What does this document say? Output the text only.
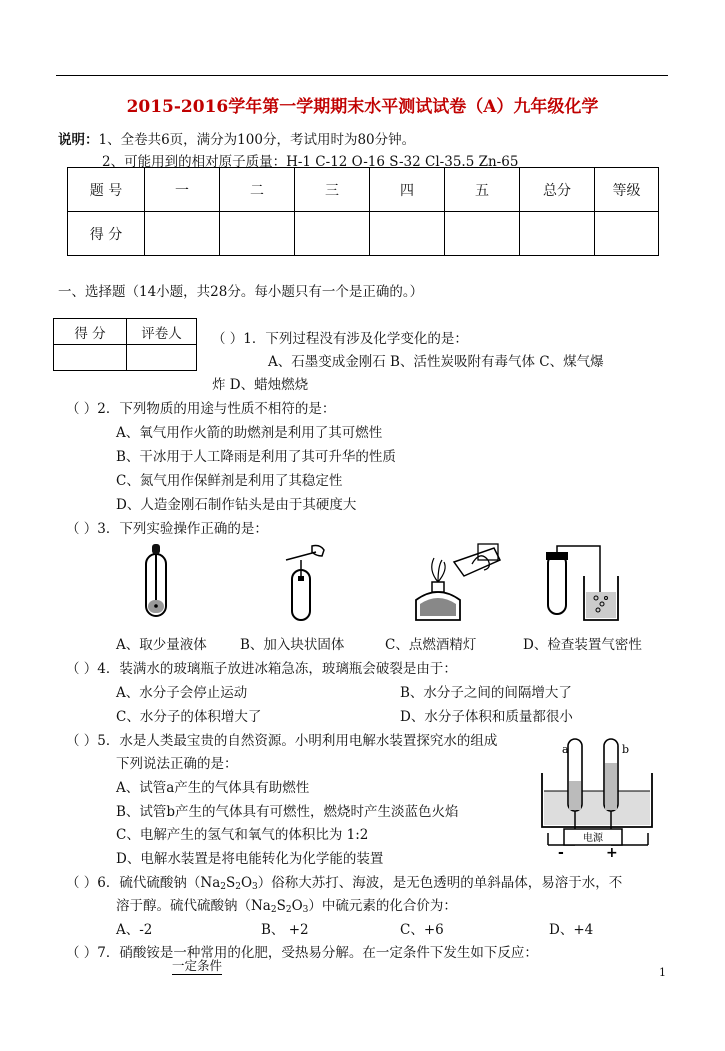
2015-2016学年第一学期期末水平测试试卷（A）九年级化学
说明：1、全卷共6页，满分为100分，考试用时为80分钟。
2、可能用到的相对原子质量：H-1 C-12 O-16 S-32 Cl-35.5 Zn-65
题 号	一	二	三	四	五	总分	等级
得 分							
一、选择题（14小题，共28分。每小题只有一个是正确的。）
得 分	评卷人
	（ ）1．下列过程没有涉及化学变化的是：
A、石墨变成金刚石 B、活性炭吸附有毒气体 C、煤气爆
炸 D、蜡烛燃烧
（ ）2．下列物质的用途与性质不相符的是：
A、氧气用作火箭的助燃剂是利用了其可燃性
B、干冰用于人工降雨是利用了其可升华的性质
C、氮气用作保鲜剂是利用了其稳定性
D、人造金刚石制作钻头是由于其硬度大
（ ）3．下列实验操作正确的是：
A、取少量液体 B、加入块状固体	C、点燃酒精灯	D、检查装置气密性
（ ）4．装满水的玻璃瓶子放进冰箱急冻，玻璃瓶会破裂是由于：
A、水分子会停止运动	B、水分子之间的间隔增大了
C、水分子的体积增大了	D、水分子体积和质量都很小
（ ）5．水是人类最宝贵的自然资源。小明利用电解水装置探究水的组成
下列说法正确的是：
A、试管a产生的气体具有助燃性
B、试管b产生的气体具有可燃性，燃烧时产生淡蓝色火焰
C、电解产生的氢气和氧气的体积比为 1:2
D、电解水装置是将电能转化为化学能的装置
电源
a	b
-	+
（ ）6．硫代硫酸钠$(Na_2S_2O_3)$俗称大苏打、海波，是无色透明的单斜晶体，易溶于水，不
溶于醇。硫代硫酸钠$(Na_2S_2O_3)$中硫元素的化合价为：
A、-2	B、 +2	C、+6	D、+4
（ ）7．硝酸铵是一种常用的化肥，受热易分解。在一定条件下发生如下反应：
一定条件	1
